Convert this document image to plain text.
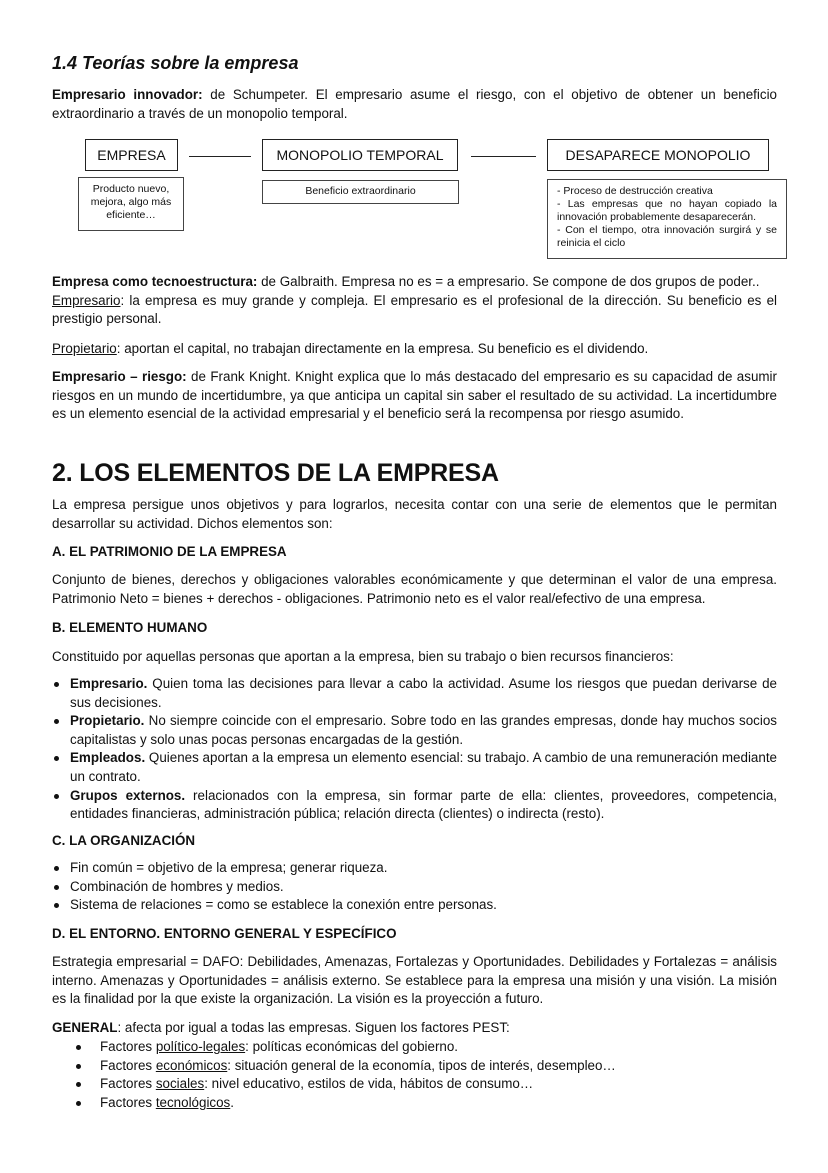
1.4 Teorías sobre la empresa

Empresario innovador: de Schumpeter. El empresario asume el riesgo, con el objetivo de obtener un beneficio extraordinario a través de un monopolio temporal.

EMPRESA	MONOPOLIO TEMPORAL	DESAPARECE MONOPOLIO
Producto nuevo, mejora, algo más eficiente…
Beneficio extraordinario	- Proceso de destrucción creativa
- Las empresas que no hayan copiado la innovación probablemente desaparecerán.
- Con el tiempo, otra innovación surgirá y se reinicia el ciclo

Empresa como tecnoestructura: de Galbraith. Empresa no es = a empresario. Se compone de dos grupos de poder..
Empresario: la empresa es muy grande y compleja. El empresario es el profesional de la dirección. Su beneficio es el prestigio personal.

Propietario: aportan el capital, no trabajan directamente en la empresa. Su beneficio es el dividendo.

Empresario – riesgo: de Frank Knight. Knight explica que lo más destacado del empresario es su capacidad de asumir riesgos en un mundo de incertidumbre, ya que anticipa un capital sin saber el resultado de su actividad. La incertidumbre es un elemento esencial de la actividad empresarial y el beneficio será la recompensa por riesgo asumido.

2. LOS ELEMENTOS DE LA EMPRESA

La empresa persigue unos objetivos y para lograrlos, necesita contar con una serie de elementos que le permitan desarrollar su actividad. Dichos elementos son:

A. EL PATRIMONIO DE LA EMPRESA

Conjunto de bienes, derechos y obligaciones valorables económicamente y que determinan el valor de una empresa. Patrimonio Neto = bienes + derechos - obligaciones. Patrimonio neto es el valor real/efectivo de una empresa.

B. ELEMENTO HUMANO

Constituido por aquellas personas que aportan a la empresa, bien su trabajo o bien recursos financieros:

Empresario. Quien toma las decisiones para llevar a cabo la actividad. Asume los riesgos que puedan derivarse de sus decisiones.
Propietario. No siempre coincide con el empresario. Sobre todo en las grandes empresas, donde hay muchos socios capitalistas y solo unas pocas personas encargadas de la gestión.
Empleados. Quienes aportan a la empresa un elemento esencial: su trabajo. A cambio de una remuneración mediante un contrato.
Grupos externos. relacionados con la empresa, sin formar parte de ella: clientes, proveedores, competencia, entidades financieras, administración pública; relación directa (clientes) o indirecta (resto).
C. LA ORGANIZACIÓN
Fin común = objetivo de la empresa; generar riqueza.
Combinación de hombres y medios.
Sistema de relaciones = como se establece la conexión entre personas.
D. EL ENTORNO. ENTORNO GENERAL Y ESPECÍFICO

Estrategia empresarial = DAFO: Debilidades, Amenazas, Fortalezas y Oportunidades. Debilidades y Fortalezas = análisis interno. Amenazas y Oportunidades = análisis externo. Se establece para la empresa una misión y una visión. La misión es la finalidad por la que existe la organización. La visión es la proyección a futuro.

GENERAL: afecta por igual a todas las empresas. Siguen los factores PEST:

Factores político-legales: políticas económicas del gobierno.
Factores económicos: situación general de la economía, tipos de interés, desempleo…
Factores sociales: nivel educativo, estilos de vida, hábitos de consumo…
Factores tecnológicos.
